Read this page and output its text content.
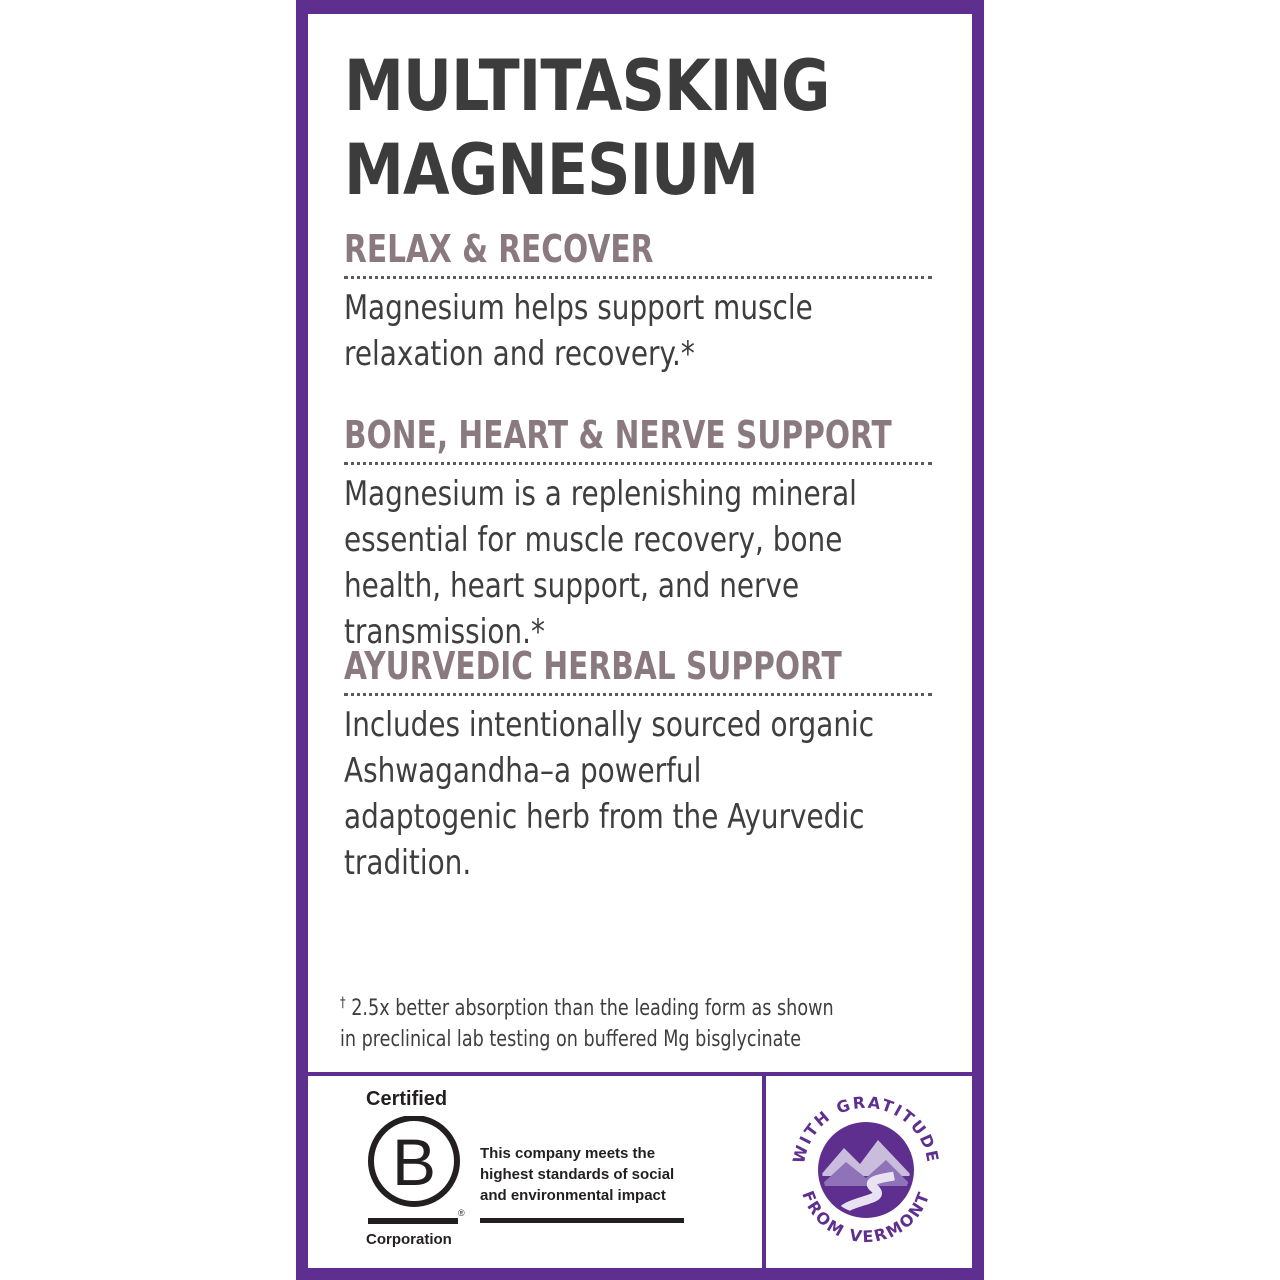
MULTITASKING
MAGNESIUM
RELAX & RECOVER

Magnesium helps support muscle relaxation and recovery.*

BONE, HEART & NERVE SUPPORT

Magnesium is a replenishing mineral essential for muscle recovery, bone health, heart support, and nerve transmission.*

AYURVEDIC HERBAL SUPPORT

Includes intentionally sourced organic Ashwagandha–a powerful adaptogenic herb from the Ayurvedic tradition.

† 2.5x better absorption than the leading form as shown
in preclinical lab testing on buffered Mg bisglycinate

Certified

B
®

Corporation

This company meets the
highest standards of social
and environmental impact

WITH GRATITUDE
FROM VERMONT
